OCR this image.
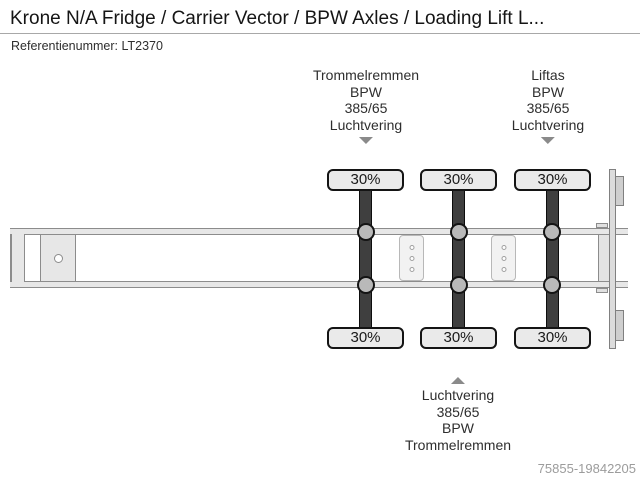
Krone N/A Fridge / Carrier Vector / BPW Axles / Loading Lift L...
Referentienummer: LT2370
Trommelremmen
BPW
385/65
Luchtvering
Liftas
BPW
385/65
Luchtvering
30%
30%
30%
30%
30%
30%
Luchtvering
385/65
BPW
Trommelremmen
75855-19842205
